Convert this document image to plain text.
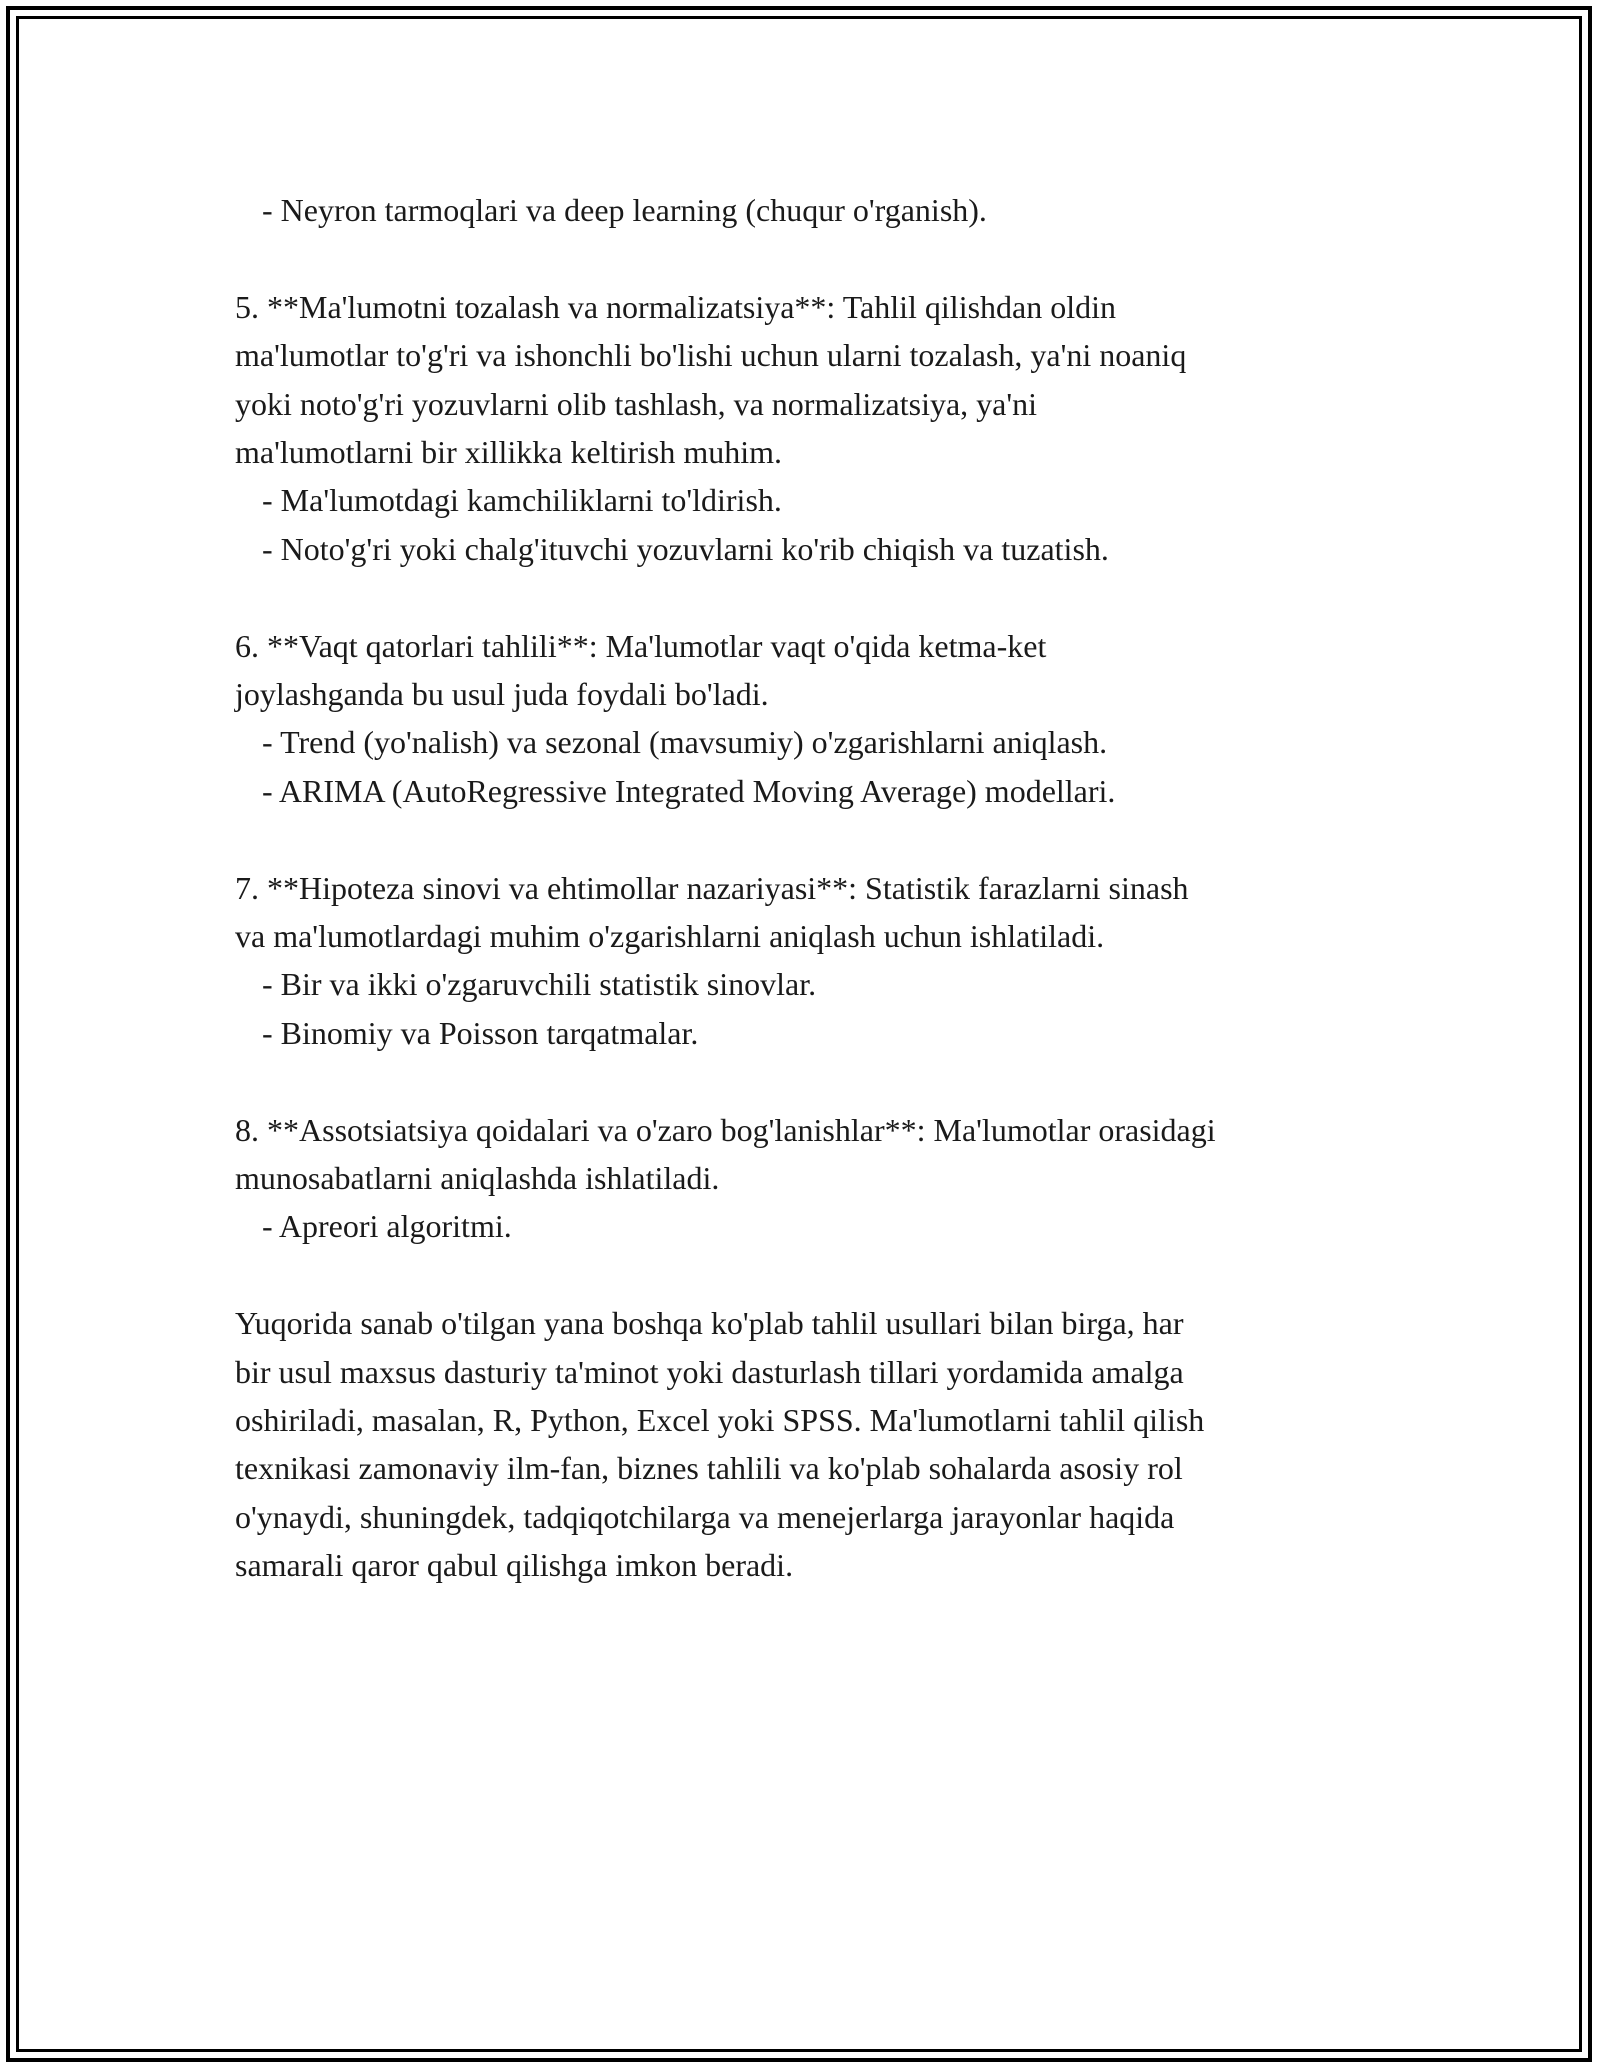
- Neyron tarmoqlari va deep learning (chuqur o'rganish).

5. **Ma'lumotni tozalash va normalizatsiya**: Tahlil qilishdan oldin

ma'lumotlar to'g'ri va ishonchli bo'lishi uchun ularni tozalash, ya'ni noaniq

yoki noto'g'ri yozuvlarni olib tashlash, va normalizatsiya, ya'ni

ma'lumotlarni bir xillikka keltirish muhim.

- Ma'lumotdagi kamchiliklarni to'ldirish.

- Noto'g'ri yoki chalg'ituvchi yozuvlarni ko'rib chiqish va tuzatish.

6. **Vaqt qatorlari tahlili**: Ma'lumotlar vaqt o'qida ketma-ket

joylashganda bu usul juda foydali bo'ladi.

- Trend (yo'nalish) va sezonal (mavsumiy) o'zgarishlarni aniqlash.

- ARIMA (AutoRegressive Integrated Moving Average) modellari.

7. **Hipoteza sinovi va ehtimollar nazariyasi**: Statistik farazlarni sinash

va ma'lumotlardagi muhim o'zgarishlarni aniqlash uchun ishlatiladi.

- Bir va ikki o'zgaruvchili statistik sinovlar.

- Binomiy va Poisson tarqatmalar.

8. **Assotsiatsiya qoidalari va o'zaro bog'lanishlar**: Ma'lumotlar orasidagi

munosabatlarni aniqlashda ishlatiladi.

- Apreori algoritmi.

Yuqorida sanab o'tilgan yana boshqa ko'plab tahlil usullari bilan birga, har

bir usul maxsus dasturiy ta'minot yoki dasturlash tillari yordamida amalga

oshiriladi, masalan, R, Python, Excel yoki SPSS. Ma'lumotlarni tahlil qilish

texnikasi zamonaviy ilm-fan, biznes tahlili va ko'plab sohalarda asosiy rol

o'ynaydi, shuningdek, tadqiqotchilarga va menejerlarga jarayonlar haqida

samarali qaror qabul qilishga imkon beradi.
